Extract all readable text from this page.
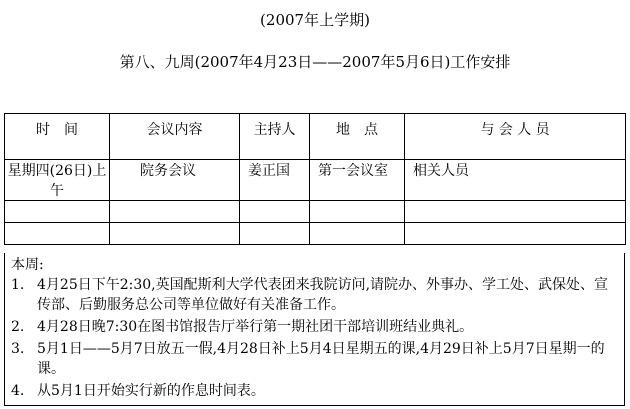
(2007年上学期)
第八、九周(2007年4月23日——2007年5月6日)工作安排
时　间	会议内容	主持人	地　点	与 会 人 员
星期四(26日)上午	院务会议	姜正国	第一会议室	相关人员

本周:
1. 4月25日下午2:30,英国配斯利大学代表团来我院访问,请院办、外事办、学工处、武保处、宣传部、后勤服务总公司等单位做好有关准备工作。
2. 4月28日晚7:30在图书馆报告厅举行第一期社团干部培训班结业典礼。
3. 5月1日——5月7日放五一假,4月28日补上5月4日星期五的课,4月29日补上5月7日星期一的课。
4. 从5月1日开始实行新的作息时间表。
